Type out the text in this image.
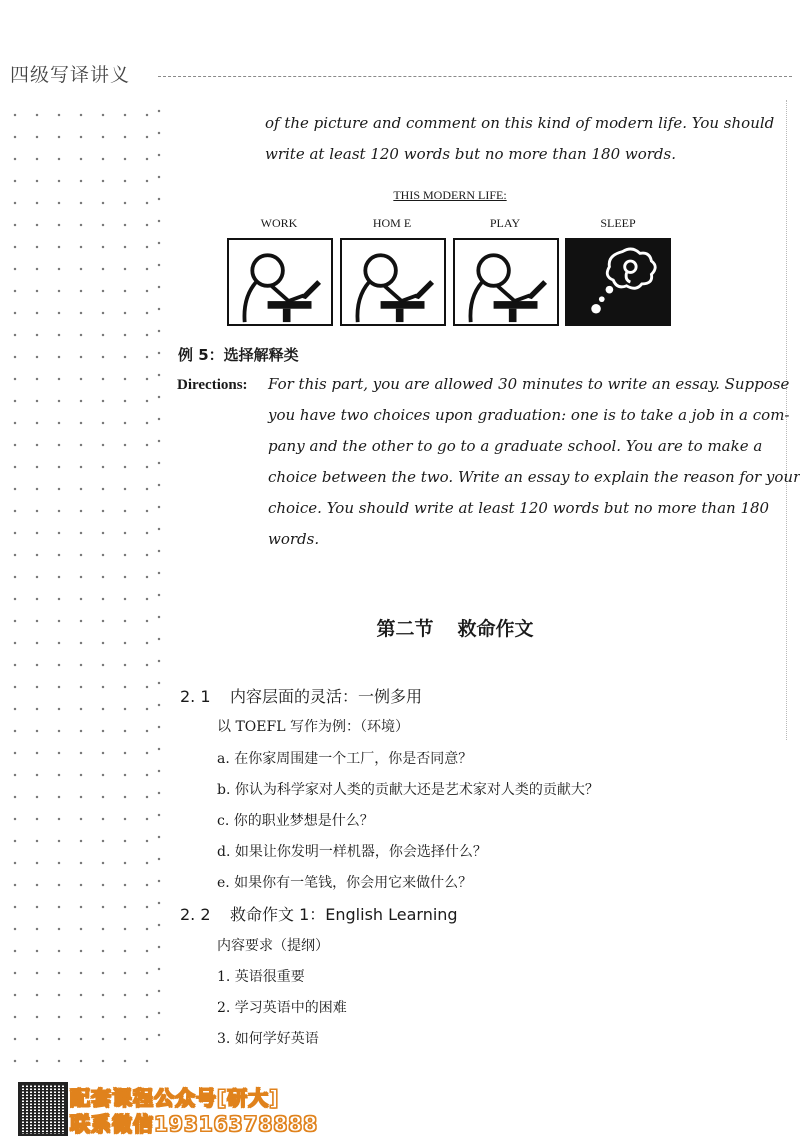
四级写译讲义
of the picture and comment on this kind of modern life. You should
write at least 120 words but no more than 180 words.
THIS MODERN LIFE:
WORK	HOM E	PLAY	SLEEP
例 5：选择解释类
Directions: For this part, you are allowed 30 minutes to write an essay. Suppose
you have two choices upon graduation: one is to take a job in a com-
pany and the other to go to a graduate school. You are to make a
choice between the two. Write an essay to explain the reason for your
choice. You should write at least 120 words but no more than 180
words.
第二节 救命作文
2. 1 内容层面的灵活：一例多用
以 TOEFL 写作为例：（环境）
a. 在你家周围建一个工厂，你是否同意？
b. 你认为科学家对人类的贡献大还是艺术家对人类的贡献大？
c. 你的职业梦想是什么？
d. 如果让你发明一样机器，你会选择什么？
e. 如果你有一笔钱，你会用它来做什么？
2. 2 救命作文 1：English Learning
内容要求（提纲）
1. 英语很重要
2. 学习英语中的困难
3. 如何学好英语
配套课程公众号[研大]
联系微信19316378888
